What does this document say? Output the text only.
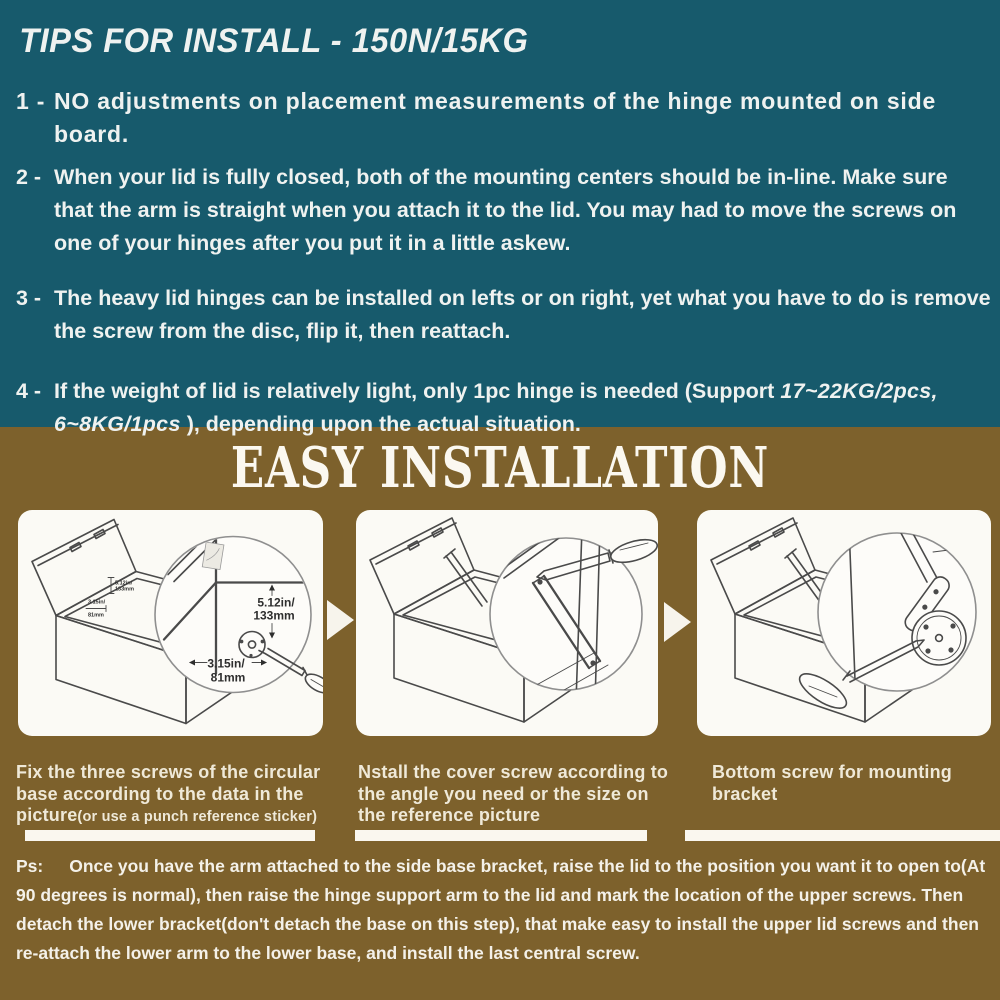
TIPS FOR INSTALL - 150N/15KG
1 - NO adjustments on placement measurements of the hinge mounted on side board.
2 - When your lid is fully closed, both of the mounting centers should be in-line. Make sure that the arm is straight when you attach it to the lid. You may had to move the screws on one of your hinges after you put it in a little askew.
3 - The heavy lid hinges can be installed on lefts or on right, yet what you have to do is remove the screw from the disc, flip it, then reattach.
4 - If the weight of lid is relatively light, only 1pc hinge is needed (Support 17~22KG/2pcs, 6~8KG/1pcs ), depending upon the actual situation.
EASY INSTALLATION
5.12in/
133mm
3.15in/
81mm
5.12in/
133mm
3.15in/
81mm
Fix the three screws of the circular base according to the data in the picture(or use a punch reference sticker)
Nstall the cover screw according to the angle you need or the size on the reference picture
Bottom screw for mounting bracket
Ps: Once you have the arm attached to the side base bracket, raise the lid to the position you want it to open to(At 90 degrees is normal), then raise the hinge support arm to the lid and mark the location of the upper screws. Then detach the lower bracket(don't detach the base on this step), that make easy to install the upper lid screws and then re-attach the lower arm to the lower base, and install the last central screw.
